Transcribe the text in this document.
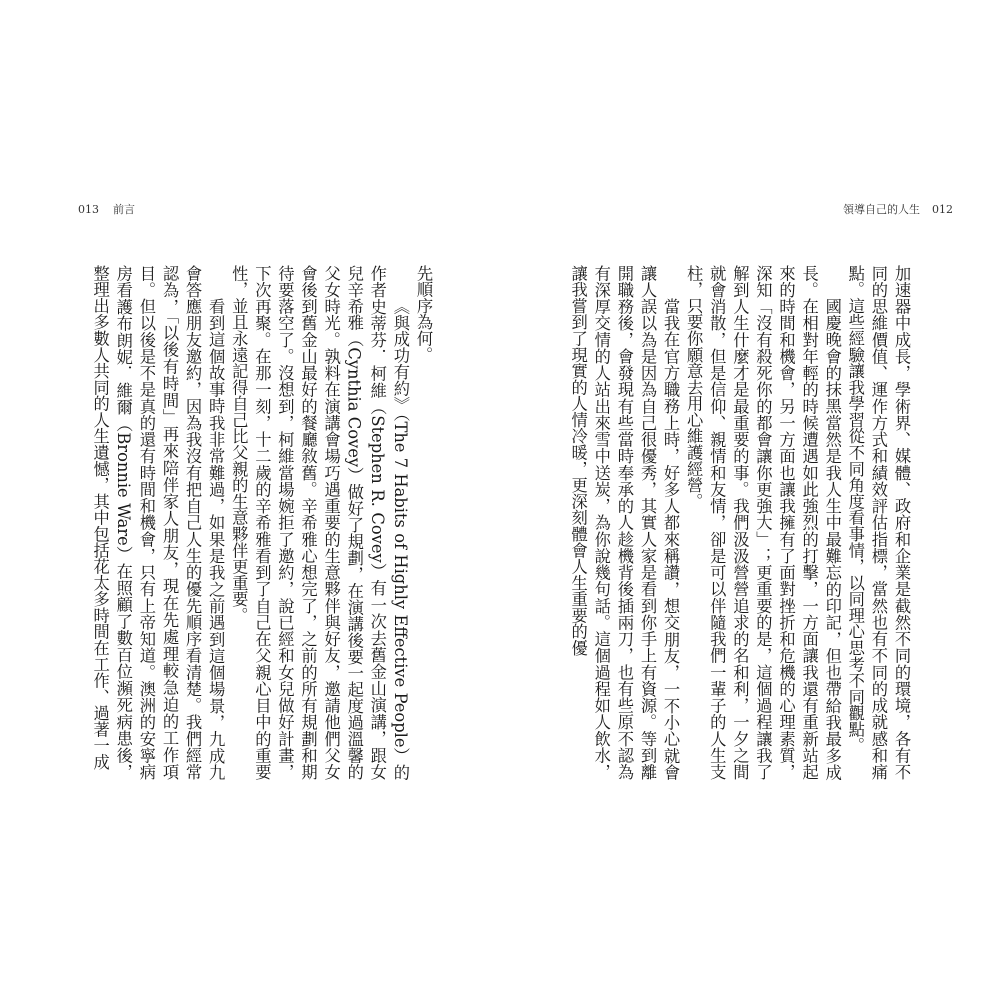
013 前言	領導自己的人生 012

加速器中成長，學術界、媒體、政府和企業是截然不同的環境，各有不同的思維價值、運作方式和績效評估指標，當然也有不同的成就感和痛點。這些經驗讓我學習從不同角度看事情，以同理心思考不同觀點。

國慶晚會的抹黑當然是我人生中最難忘的印記，但也帶給我最多成長。在相對年輕的時候遭遇如此強烈的打擊，一方面讓我還有重新站起來的時間和機會，另一方面也讓我擁有了面對挫折和危機的心理素質，深知「沒有殺死你的都會讓你更強大」；更重要的是，這個過程讓我了解到人生什麼才是最重要的事。我們汲汲營營追求的名和利，一夕之間就會消散，但是信仰、親情和友情，卻是可以伴隨我們一輩子的人生支柱，只要你願意去用心維護經營。

當我在官方職務上時，好多人都來稱讚，想交朋友，一不小心就會讓人誤以為是因為自己很優秀，其實人家是看到你手上有資源。等到離開職務後，會發現有些當時奉承的人趁機背後插兩刀，也有些原不認為有深厚交情的人站出來雪中送炭，為你說幾句話。這個過程如人飲水，讓我嘗到了現實的人情冷暖，更深刻體會人生重要的優

先順序為何。

《與成功有約》（The 7 Habits of Highly Effective People）的作者史蒂芬．柯維（Stephen R. Covey）有一次去舊金山演講，跟女兒辛希雅（Cynthia Covey）做好了規劃，在演講後要一起度過溫馨的父女時光。孰料在演講會場巧遇重要的生意夥伴與好友，邀請他們父女會後到舊金山最好的餐廳敘舊。辛希雅心想完了，之前的所有規劃和期待要落空了。沒想到，柯維當場婉拒了邀約，說已經和女兒做好計畫，下次再聚。在那一刻，十二歲的辛希雅看到了自己在父親心目中的重要性，並且永遠記得自己比父親的生意夥伴更重要。

看到這個故事時我非常難過，如果是我之前遇到這個場景，九成九會答應朋友邀約，因為我沒有把自己人生的優先順序看清楚。我們經常認為，「以後有時間」再來陪伴家人朋友，現在先處理較急迫的工作項目。但以後是不是真的還有時間和機會，只有上帝知道。澳洲的安寧病房看護布朗妮．維爾（Bronnie Ware）在照顧了數百位瀕死病患後，整理出多數人共同的人生遺憾，其中包括花太多時間在工作、過著一成
